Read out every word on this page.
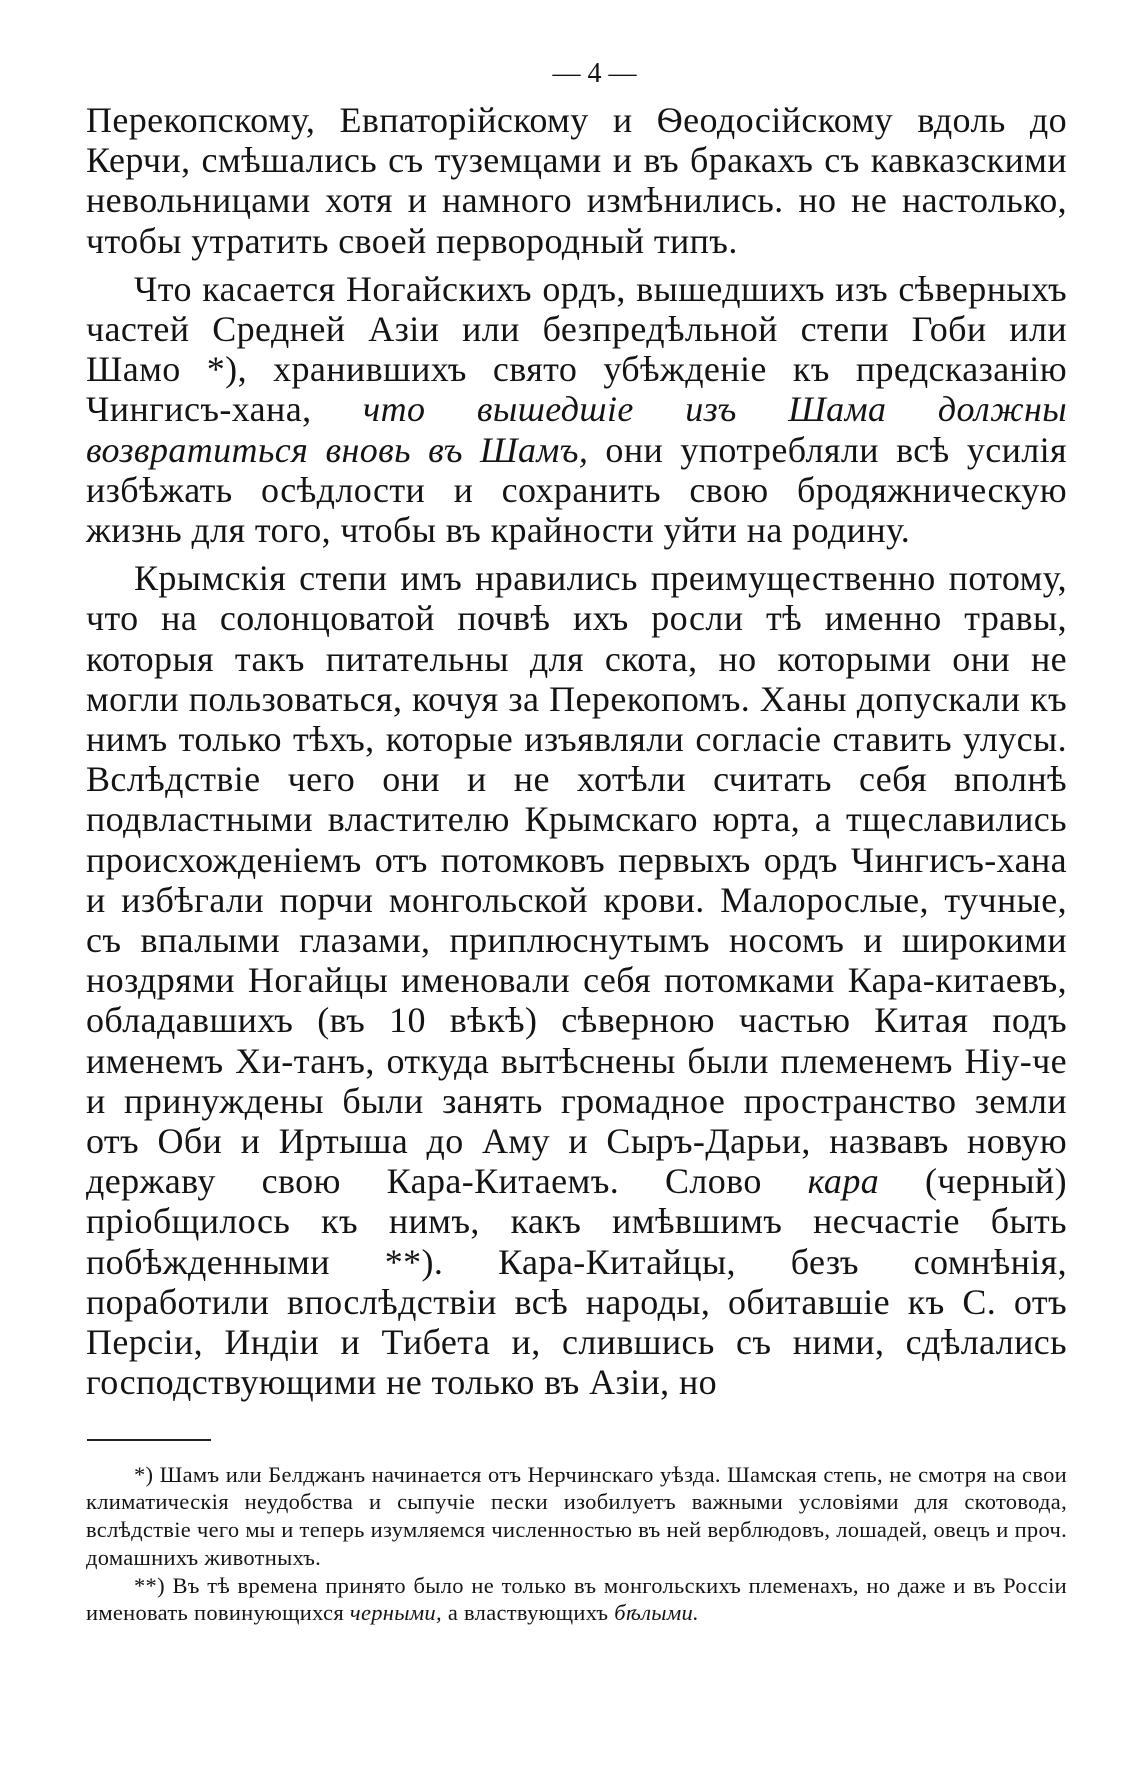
— 4 —

Перекопскому, Евпаторійскому и Ѳеодосійскому вдоль до Керчи, смѣшались съ туземцами и въ бракахъ съ кавказскими невольницами хотя и намного измѣнились. но не настолько, чтобы утратить своей первородный типъ.

Что касается Ногайскихъ ордъ, вышедшихъ изъ сѣверныхъ частей Средней Азіи или безпредѣльной степи Гоби или Шамо *), хранившихъ свято убѣжденіе къ предсказанію Чингисъ-хана, что вышедшіе изъ Шама должны возвратиться вновь въ Шамъ, они употребляли всѣ усилія избѣжать осѣдлости и сохранить свою бродяжническую жизнь для того, чтобы въ крайности уйти на родину.

Крымскія степи имъ нравились преимущественно потому, что на солонцоватой почвѣ ихъ росли тѣ именно травы, которыя такъ питательны для скота, но которыми они не могли пользоваться, кочуя за Перекопомъ. Ханы допускали къ нимъ только тѣхъ, которые изъявляли согласіе ставить улусы. Вслѣдствіе чего они и не хотѣли считать себя вполнѣ подвластными властителю Крымскаго юрта, а тщеславились происхожденіемъ отъ потомковъ первыхъ ордъ Чингисъ-хана и избѣгали порчи монгольской крови. Малорослые, тучные, съ впалыми глазами, приплюснутымъ носомъ и широкими ноздрями Ногайцы именовали себя потомками Кара-китаевъ, обладавшихъ (въ 10 вѣкѣ) сѣверною частью Китая подъ именемъ Хи-танъ, откуда вытѣснены были племенемъ Ніу-че и принуждены были занять громадное пространство земли отъ Оби и Иртыша до Аму и Сыръ-Дарьи, назвавъ новую державу свою Кара-Китаемъ. Слово кара (черный) пріобщилось къ нимъ, какъ имѣвшимъ несчастіе быть побѣжденными **). Кара-Китайцы, безъ сомнѣнія, поработили впослѣдствіи всѣ народы, обитавшіе къ С. отъ Персіи, Индіи и Тибета и, слившись съ ними, сдѣлались господствующими не только въ Азіи, но

*) Шамъ или Белджанъ начинается отъ Нерчинскаго уѣзда. Шамская степь, не смотря на свои климатическія неудобства и сыпучіе пески изобилуетъ важными условіями для скотовода, вслѣдствіе чего мы и теперь изумляемся численностью въ ней верблюдовъ, лошадей, овецъ и проч. домашнихъ животныхъ.

**) Въ тѣ времена принято было не только въ монгольскихъ племенахъ, но даже и въ Россіи именовать повинующихся черными, а властвующихъ бѣлыми.
